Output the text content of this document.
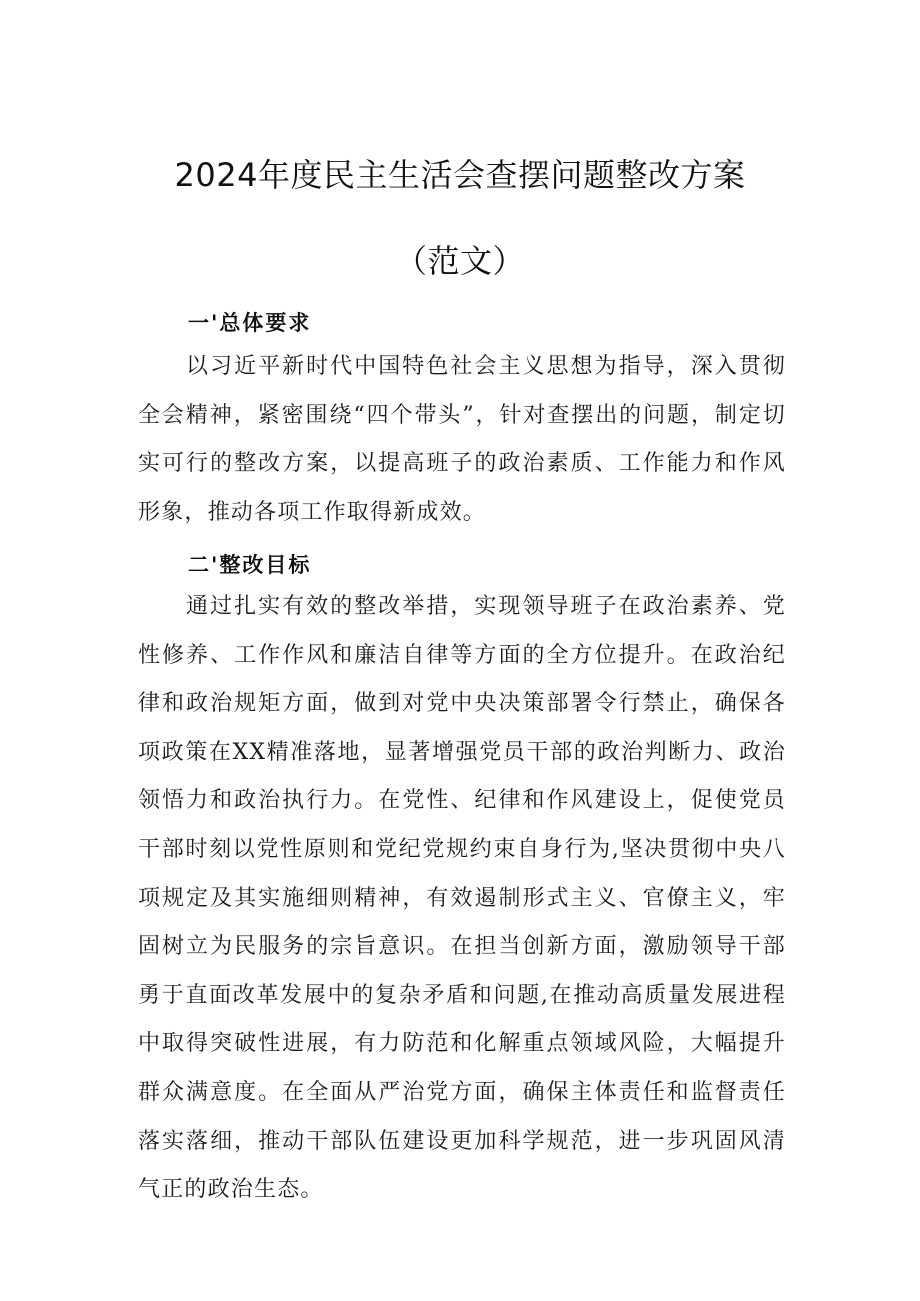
2024年度民主生活会查摆问题整改方案
（范文）
一'总体要求
以习近平新时代中国特色社会主义思想为指导，深入贯彻全会精神，紧密围绕“四个带头”，针对查摆出的问题，制定切实可行的整改方案，以提高班子的政治素质、工作能力和作风形象，推动各项工作取得新成效。
二'整改目标
通过扎实有效的整改举措，实现领导班子在政治素养、党性修养、工作作风和廉洁自律等方面的全方位提升。在政治纪律和政治规矩方面，做到对党中央决策部署令行禁止，确保各项政策在XX精准落地，显著增强党员干部的政治判断力、政治领悟力和政治执行力。在党性、纪律和作风建设上，促使党员干部时刻以党性原则和党纪党规约束自身行为,坚决贯彻中央八项规定及其实施细则精神，有效遏制形式主义、官僚主义，牢固树立为民服务的宗旨意识。在担当创新方面，激励领导干部勇于直面改革发展中的复杂矛盾和问题,在推动高质量发展进程中取得突破性进展，有力防范和化解重点领域风险，大幅提升群众满意度。在全面从严治党方面，确保主体责任和监督责任落实落细，推动干部队伍建设更加科学规范，进一步巩固风清气正的政治生态。
